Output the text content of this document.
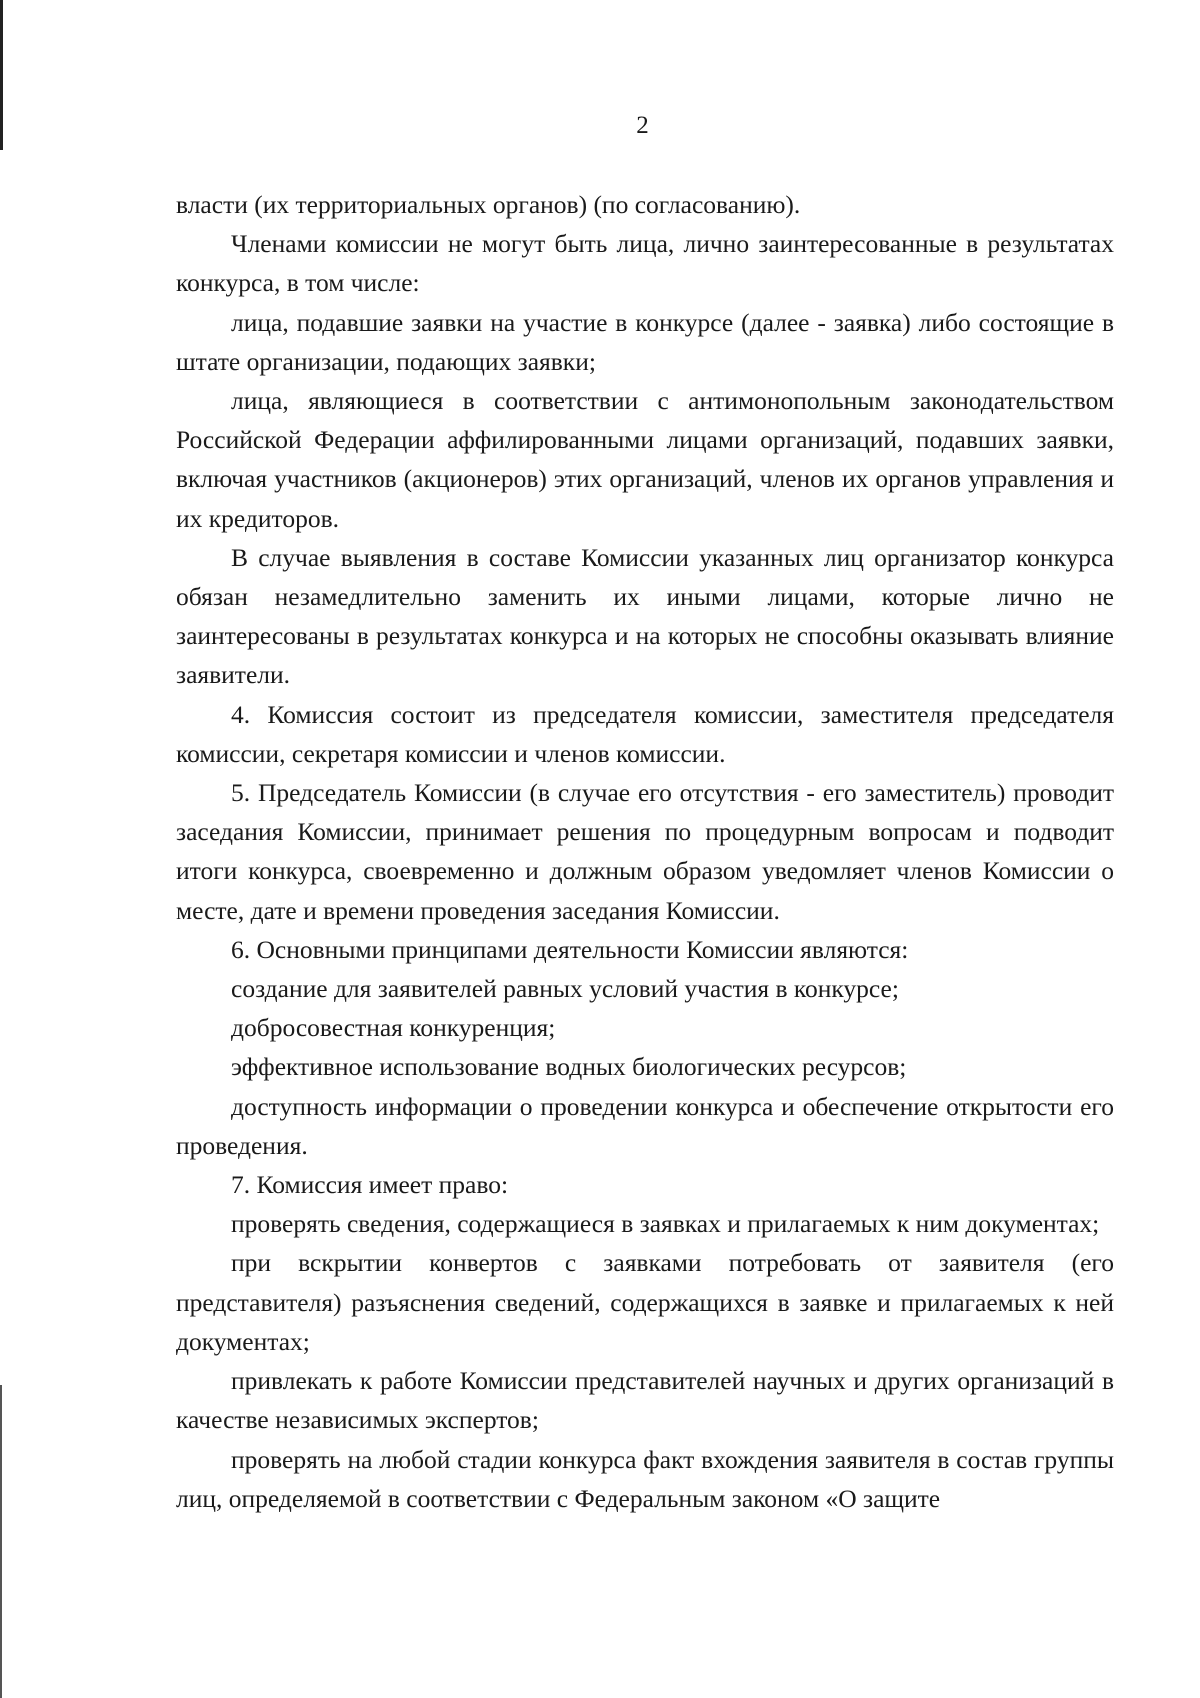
2

власти (их территориальных органов) (по согласованию).

Членами комиссии не могут быть лица, лично заинтересованные в результатах конкурса, в том числе:

лица, подавшие заявки на участие в конкурсе (далее - заявка) либо состоящие в штате организации, подающих заявки;

лица, являющиеся в соответствии с антимонопольным законодательством Российской Федерации аффилированными лицами организаций, подавших заявки, включая участников (акционеров) этих организаций, членов их органов управления и их кредиторов.

В случае выявления в составе Комиссии указанных лиц организатор конкурса обязан незамедлительно заменить их иными лицами, которые лично не заинтересованы в результатах конкурса и на которых не способны оказывать влияние заявители.

4. Комиссия состоит из председателя комиссии, заместителя председателя комиссии, секретаря комиссии и членов комиссии.

5. Председатель Комиссии (в случае его отсутствия - его заместитель) проводит заседания Комиссии, принимает решения по процедурным вопросам и подводит итоги конкурса, своевременно и должным образом уведомляет членов Комиссии о месте, дате и времени проведения заседания Комиссии.

6. Основными принципами деятельности Комиссии являются:

создание для заявителей равных условий участия в конкурсе;

добросовестная конкуренция;

эффективное использование водных биологических ресурсов;

доступность информации о проведении конкурса и обеспечение открытости его проведения.

7. Комиссия имеет право:

проверять сведения, содержащиеся в заявках и прилагаемых к ним документах;

при вскрытии конвертов с заявками потребовать от заявителя (его представителя) разъяснения сведений, содержащихся в заявке и прилагаемых к ней документах;

привлекать к работе Комиссии представителей научных и других организаций в качестве независимых экспертов;

проверять на любой стадии конкурса факт вхождения заявителя в состав группы лиц, определяемой в соответствии с Федеральным законом «О защите
